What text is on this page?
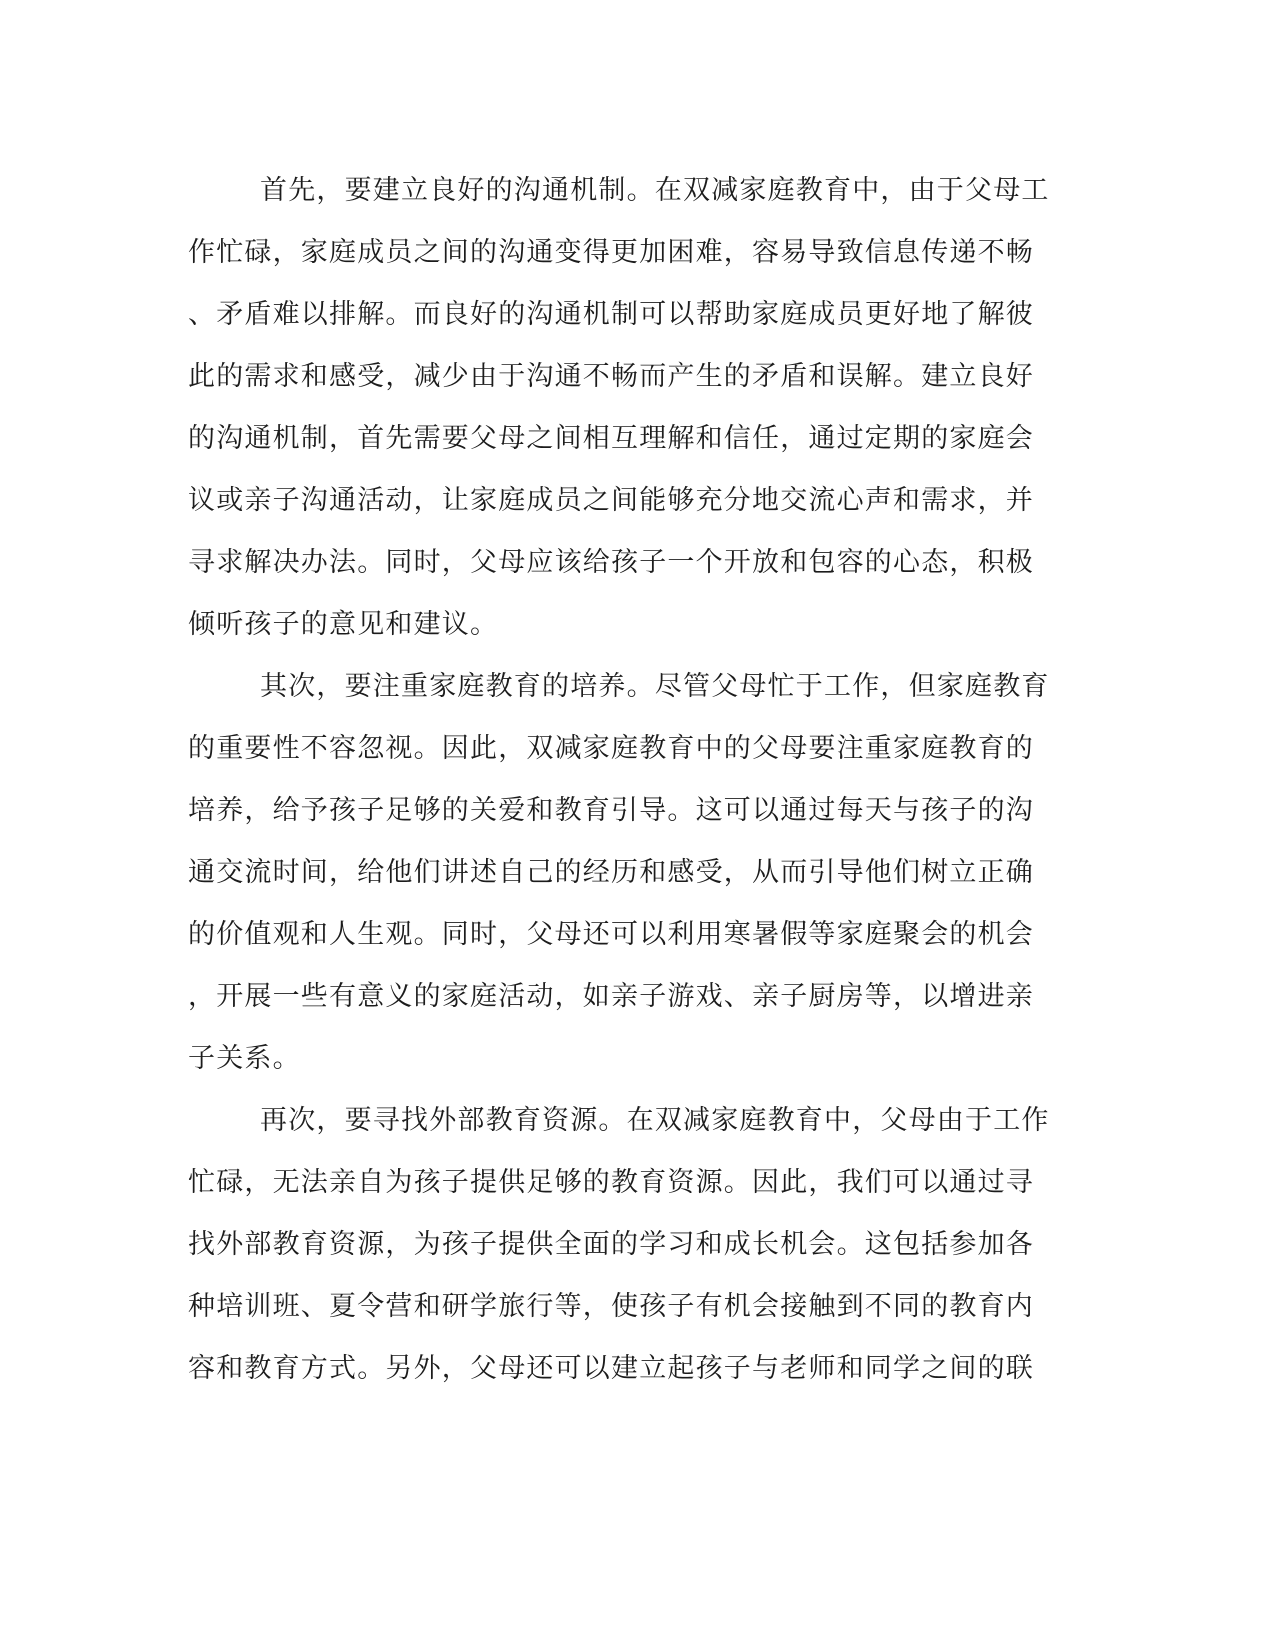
首先，要建立良好的沟通机制。在双减家庭教育中，由于父母工
作忙碌，家庭成员之间的沟通变得更加困难，容易导致信息传递不畅
、矛盾难以排解。而良好的沟通机制可以帮助家庭成员更好地了解彼
此的需求和感受，减少由于沟通不畅而产生的矛盾和误解。建立良好
的沟通机制，首先需要父母之间相互理解和信任，通过定期的家庭会
议或亲子沟通活动，让家庭成员之间能够充分地交流心声和需求，并
寻求解决办法。同时，父母应该给孩子一个开放和包容的心态，积极
倾听孩子的意见和建议。
其次，要注重家庭教育的培养。尽管父母忙于工作，但家庭教育
的重要性不容忽视。因此，双减家庭教育中的父母要注重家庭教育的
培养，给予孩子足够的关爱和教育引导。这可以通过每天与孩子的沟
通交流时间，给他们讲述自己的经历和感受，从而引导他们树立正确
的价值观和人生观。同时，父母还可以利用寒暑假等家庭聚会的机会
，开展一些有意义的家庭活动，如亲子游戏、亲子厨房等，以增进亲
子关系。
再次，要寻找外部教育资源。在双减家庭教育中，父母由于工作
忙碌，无法亲自为孩子提供足够的教育资源。因此，我们可以通过寻
找外部教育资源，为孩子提供全面的学习和成长机会。这包括参加各
种培训班、夏令营和研学旅行等，使孩子有机会接触到不同的教育内
容和教育方式。另外，父母还可以建立起孩子与老师和同学之间的联
